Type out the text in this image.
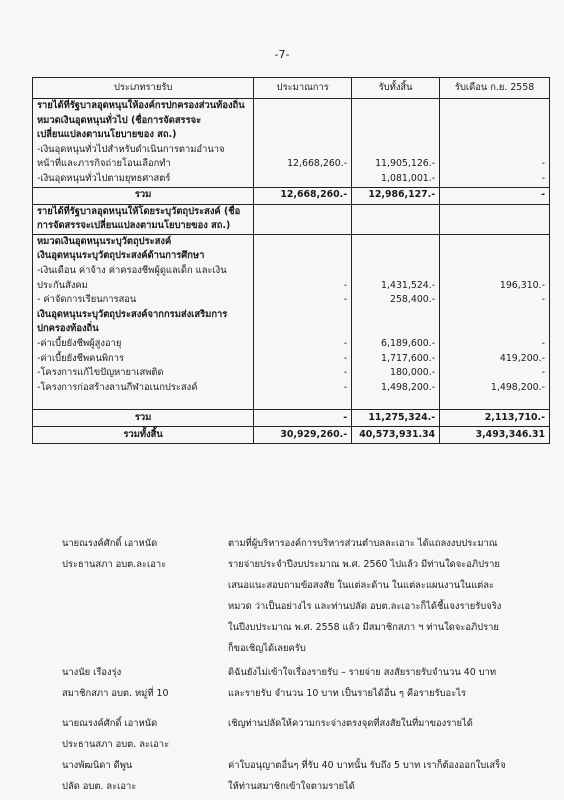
-7-
ประเภทรายรับ	ประมาณการ	รับทั้งสิ้น	รับเดือน ก.ย. 2558
รายได้ที่รัฐบาลอุดหนุนให้องค์กรปกครองส่วนท้องถิ่น			
หมวดเงินอุดหนุนทั่วไป (ชื่อการจัดสรรจะเปลี่ยนแปลงตามนโยบายของ สถ.)			
-เงินอุดหนุนทั่วไปสำหรับดำเนินการตามอำนาจ			
หน้าที่และภารกิจถ่ายโอนเลือกทำ	12,668,260.-	11,905,126.-	-
-เงินอุดหนุนทั่วไปตามยุทธศาสตร์		1,081,001.-	-
รวม	12,668,260.-	12,986,127.-	-
รายได้ที่รัฐบาลอุดหนุนให้โดยระบุวัตถุประสงค์ (ชื่อการจัดสรรจะเปลี่ยนแปลงตามนโยบายของ สถ.)			
หมวดเงินอุดหนุนระบุวัตถุประสงค์			
เงินอุดหนุนระบุวัตถุประสงค์ด้านการศึกษา			
-เงินเดือน ค่าจ้าง ค่าครองชีพผู้ดูแลเด็ก และเงิน			
ประกันสังคม	-	1,431,524.-	196,310.-
- ค่าจัดการเรียนการสอน	-	258,400.-	-
เงินอุดหนุนระบุวัตถุประสงค์จากกรมส่งเสริมการปกครองท้องถิ่น			
-ค่าเบี้ยยังชีพผู้สูงอายุ	-	6,189,600.-	-
-ค่าเบี้ยยังชีพคนพิการ	-	1,717,600.-	419,200.-
-โครงการแก้ไขปัญหายาเสพติด	-	180,000.-	-
-โครงการก่อสร้างลานกีฬาอเนกประสงค์	-	1,498,200.-	1,498,200.-

รวม	-	11,275,324.-	2,113,710.-
รวมทั้งสิ้น	30,929,260.-	40,573,931.34	3,493,346.31
นายณรงค์ศักดิ์ เอาหนัด
ประธานสภา อบต.ละเอาะ
ตามที่ผู้บริหารองค์การบริหารส่วนตำบลละเอาะ ได้แถลงงบประมาณ
รายจ่ายประจำปีงบประมาณ พ.ศ. 2560 ไปแล้ว มีท่านใดจะอภิปราย
เสนอแนะสอบถามข้อสงสัย ในแต่ละด้าน ในแต่ละแผนงานในแต่ละ
หมวด ว่าเป็นอย่างไร และท่านปลัด อบต.ละเอาะก็ได้ชี้แจงรายรับจริง
ในปีงบประมาณ พ.ศ. 2558 แล้ว มีสมาชิกสภา ฯ ท่านใดจะอภิปราย
ก็ขอเชิญได้เลยครับ
นางนัย เรืองรุ่ง
สมาชิกสภา อบต. หมู่ที่ 10
ดิฉันยังไม่เข้าใจเรื่องรายรับ – รายจ่าย สงสัยรายรับจำนวน 40 บาท
และรายรับ จำนวน 10 บาท เป็นรายได้อื่น ๆ คือรายรับอะไร
นายณรงค์ศักดิ์ เอาหนัด
ประธานสภา อบต. ละเอาะ
เชิญท่านปลัดให้ความกระจ่างตรงจุดที่สงสัยในที่มาของรายได้
นางพัฒนิดา ดีพูน
ปลัด อบต. ละเอาะ
ค่าใบอนุญาตอื่นๆ ที่รับ 40 บาทนั้น รับถึง 5 บาท เราก็ต้องออกใบเสร็จ
ให้ท่านสมาชิกเข้าใจตามรายได้
